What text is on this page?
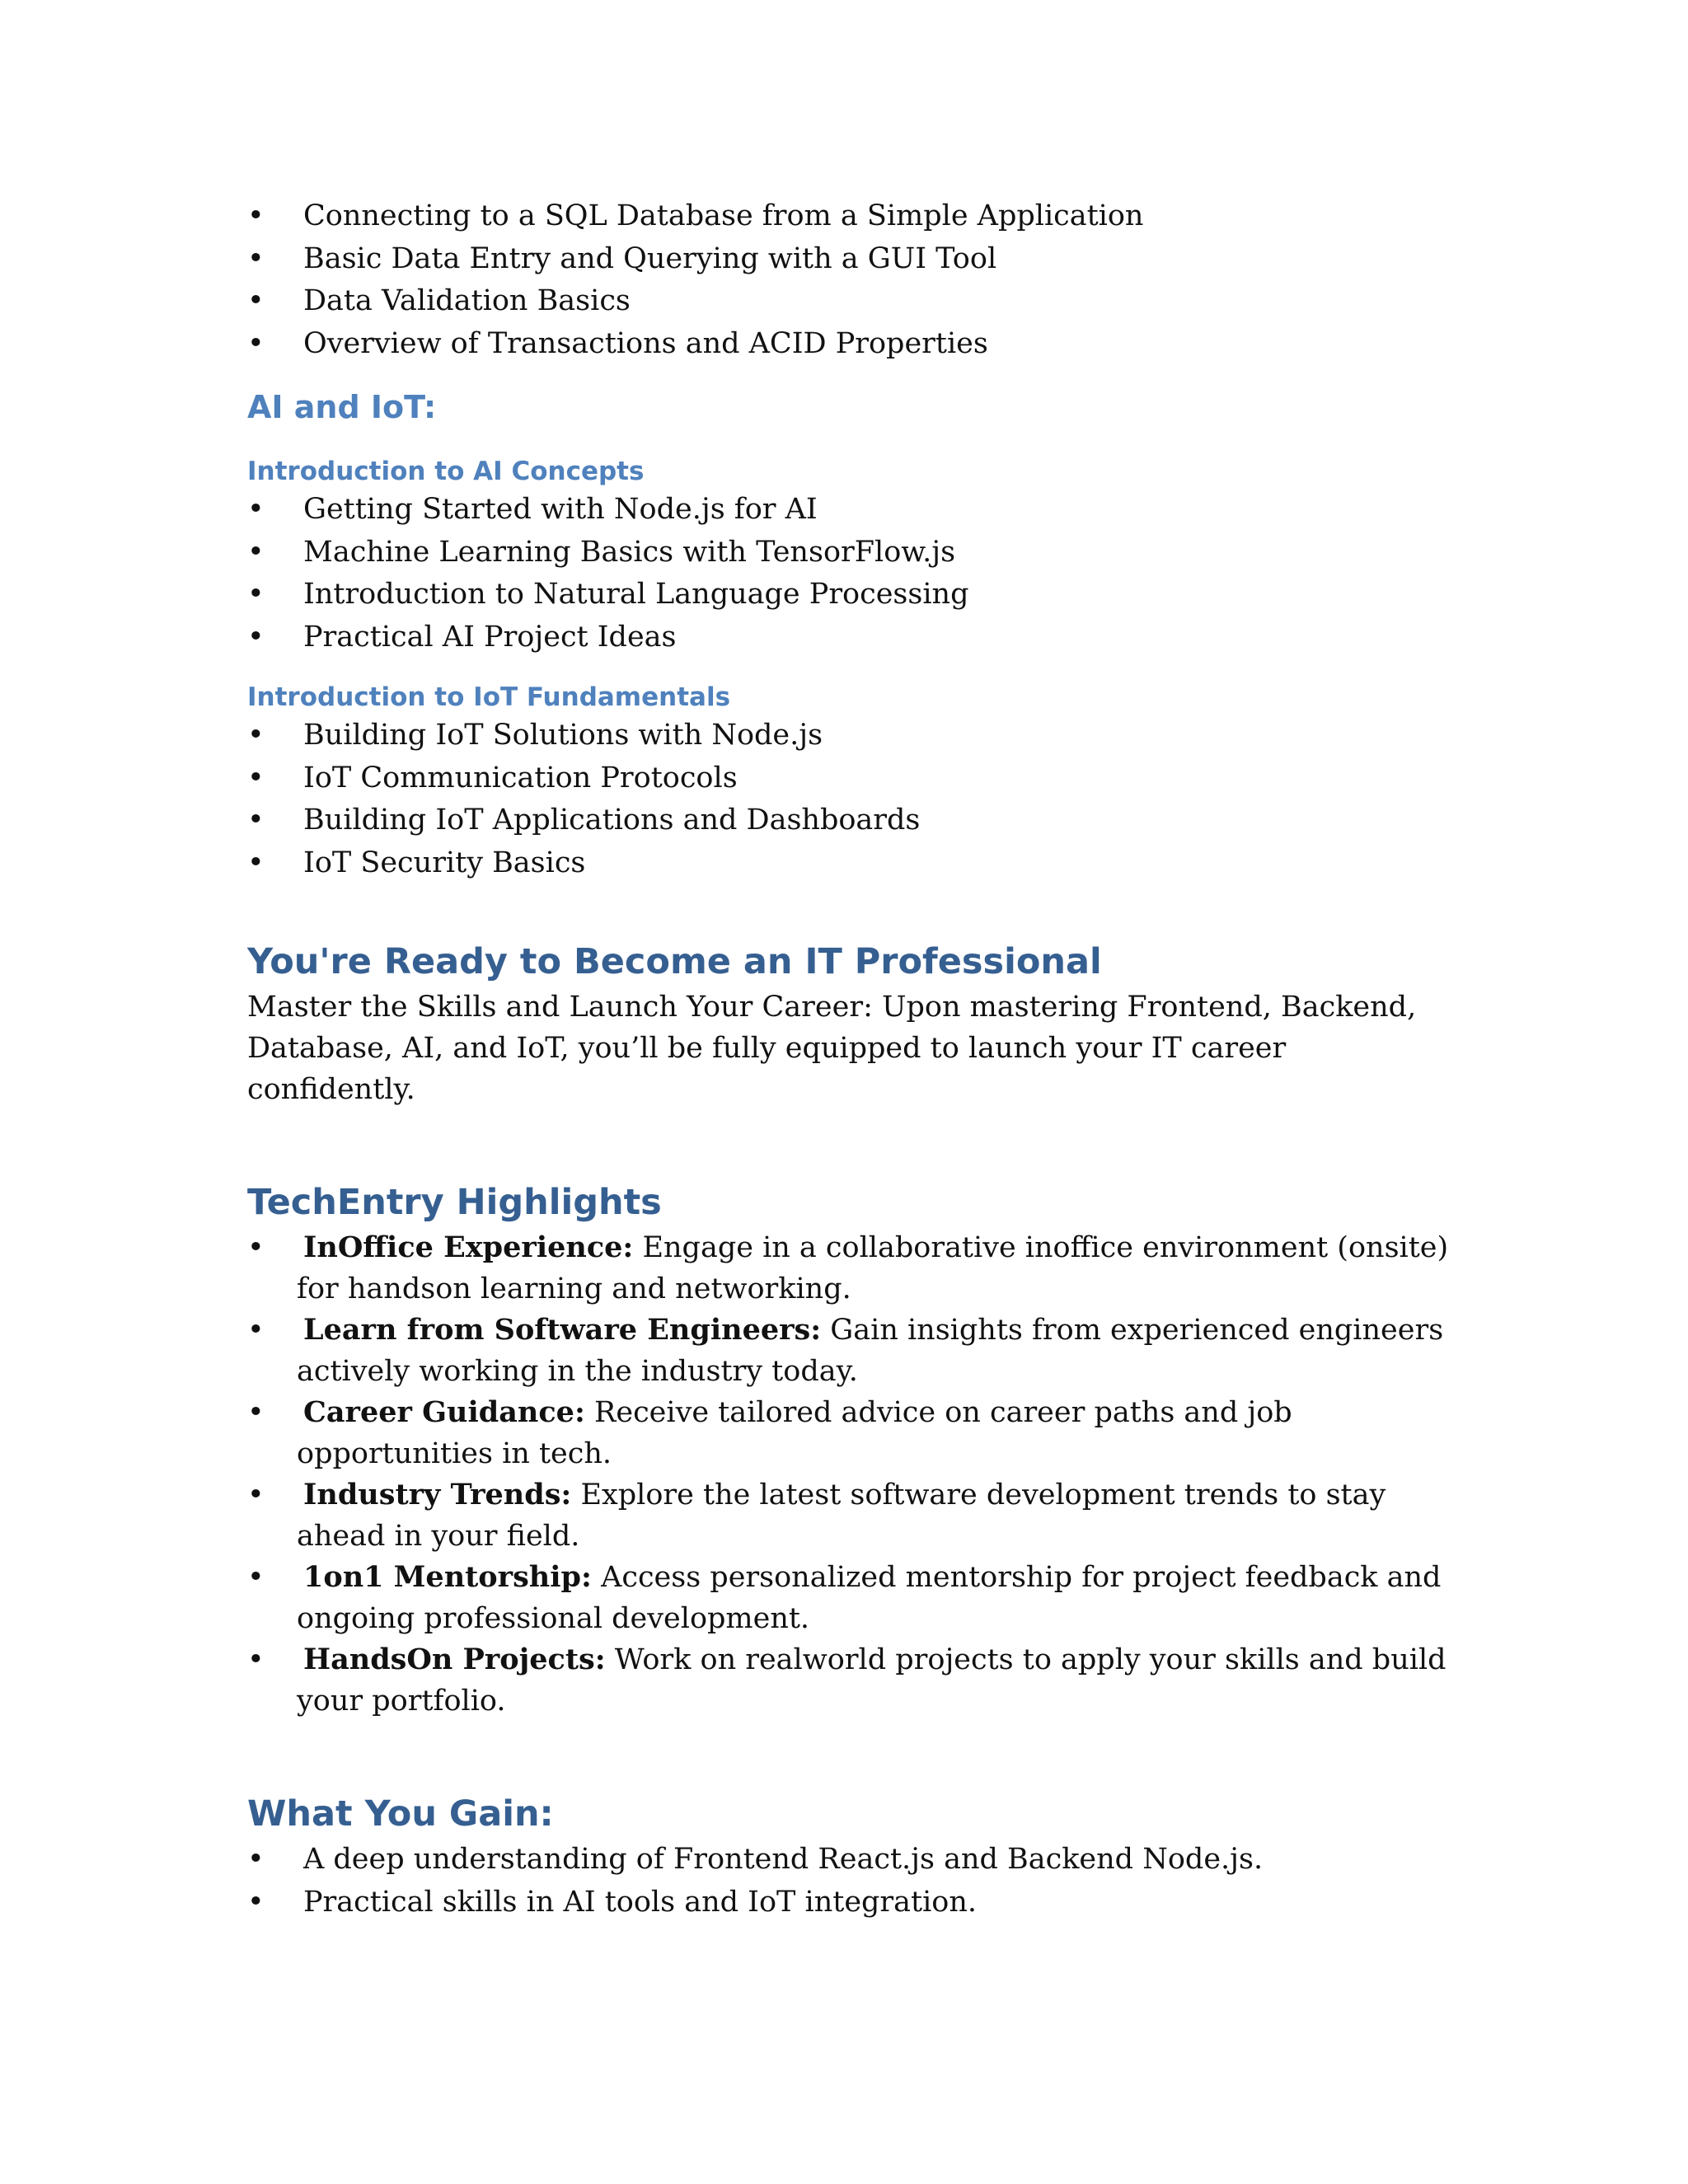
• Connecting to a SQL Database from a Simple Application
• Basic Data Entry and Querying with a GUI Tool
• Data Validation Basics
• Overview of Transactions and ACID Properties
AI and IoT:
Introduction to AI Concepts
• Getting Started with Node.js for AI
• Machine Learning Basics with TensorFlow.js
• Introduction to Natural Language Processing
• Practical AI Project Ideas
Introduction to IoT Fundamentals
• Building IoT Solutions with Node.js
• IoT Communication Protocols
• Building IoT Applications and Dashboards
• IoT Security Basics
You're Ready to Become an IT Professional

Master the Skills and Launch Your Career: Upon mastering Frontend, Backend, Database, AI, and IoT, you’ll be fully equipped to launch your IT career confidently.

TechEntry Highlights
• InOffice Experience: Engage in a collaborative inoffice environment (onsite) for handson learning and networking.
• Learn from Software Engineers: Gain insights from experienced engineers actively working in the industry today.
• Career Guidance: Receive tailored advice on career paths and job opportunities in tech.
• Industry Trends: Explore the latest software development trends to stay ahead in your field.
• 1on1 Mentorship: Access personalized mentorship for project feedback and ongoing professional development.
• HandsOn Projects: Work on realworld projects to apply your skills and build your portfolio.
What You Gain:
• A deep understanding of Frontend React.js and Backend Node.js.
• Practical skills in AI tools and IoT integration.
